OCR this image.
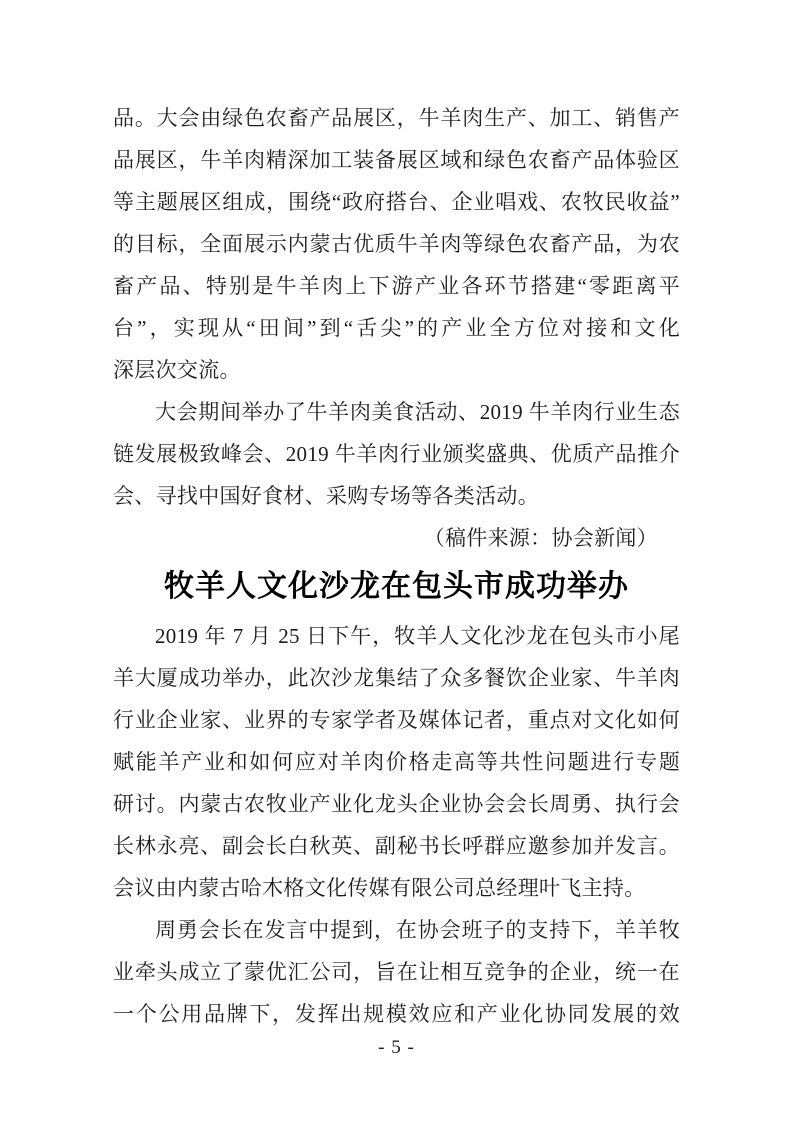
品。大会由绿色农畜产品展区，牛羊肉生产、加工、销售产
品展区，牛羊肉精深加工装备展区域和绿色农畜产品体验区
等主题展区组成，围绕“政府搭台、企业唱戏、农牧民收益”
的目标，全面展示内蒙古优质牛羊肉等绿色农畜产品，为农
畜产品、特别是牛羊肉上下游产业各环节搭建“零距离平
台”，实现从“田间”到“舌尖”的产业全方位对接和文化
深层次交流。
大会期间举办了牛羊肉美食活动、2019 牛羊肉行业生态
链发展极致峰会、2019 牛羊肉行业颁奖盛典、优质产品推介
会、寻找中国好食材、采购专场等各类活动。
（稿件来源：协会新闻）
牧羊人文化沙龙在包头市成功举办
2019 年 7 月 25 日下午，牧羊人文化沙龙在包头市小尾
羊大厦成功举办，此次沙龙集结了众多餐饮企业家、牛羊肉
行业企业家、业界的专家学者及媒体记者，重点对文化如何
赋能羊产业和如何应对羊肉价格走高等共性问题进行专题
研讨。内蒙古农牧业产业化龙头企业协会会长周勇、执行会
长林永亮、副会长白秋英、副秘书长呼群应邀参加并发言。
会议由内蒙古哈木格文化传媒有限公司总经理叶飞主持。
周勇会长在发言中提到，在协会班子的支持下，羊羊牧
业牵头成立了蒙优汇公司，旨在让相互竞争的企业，统一在
一个公用品牌下，发挥出规模效应和产业化协同发展的效
- 5 -
